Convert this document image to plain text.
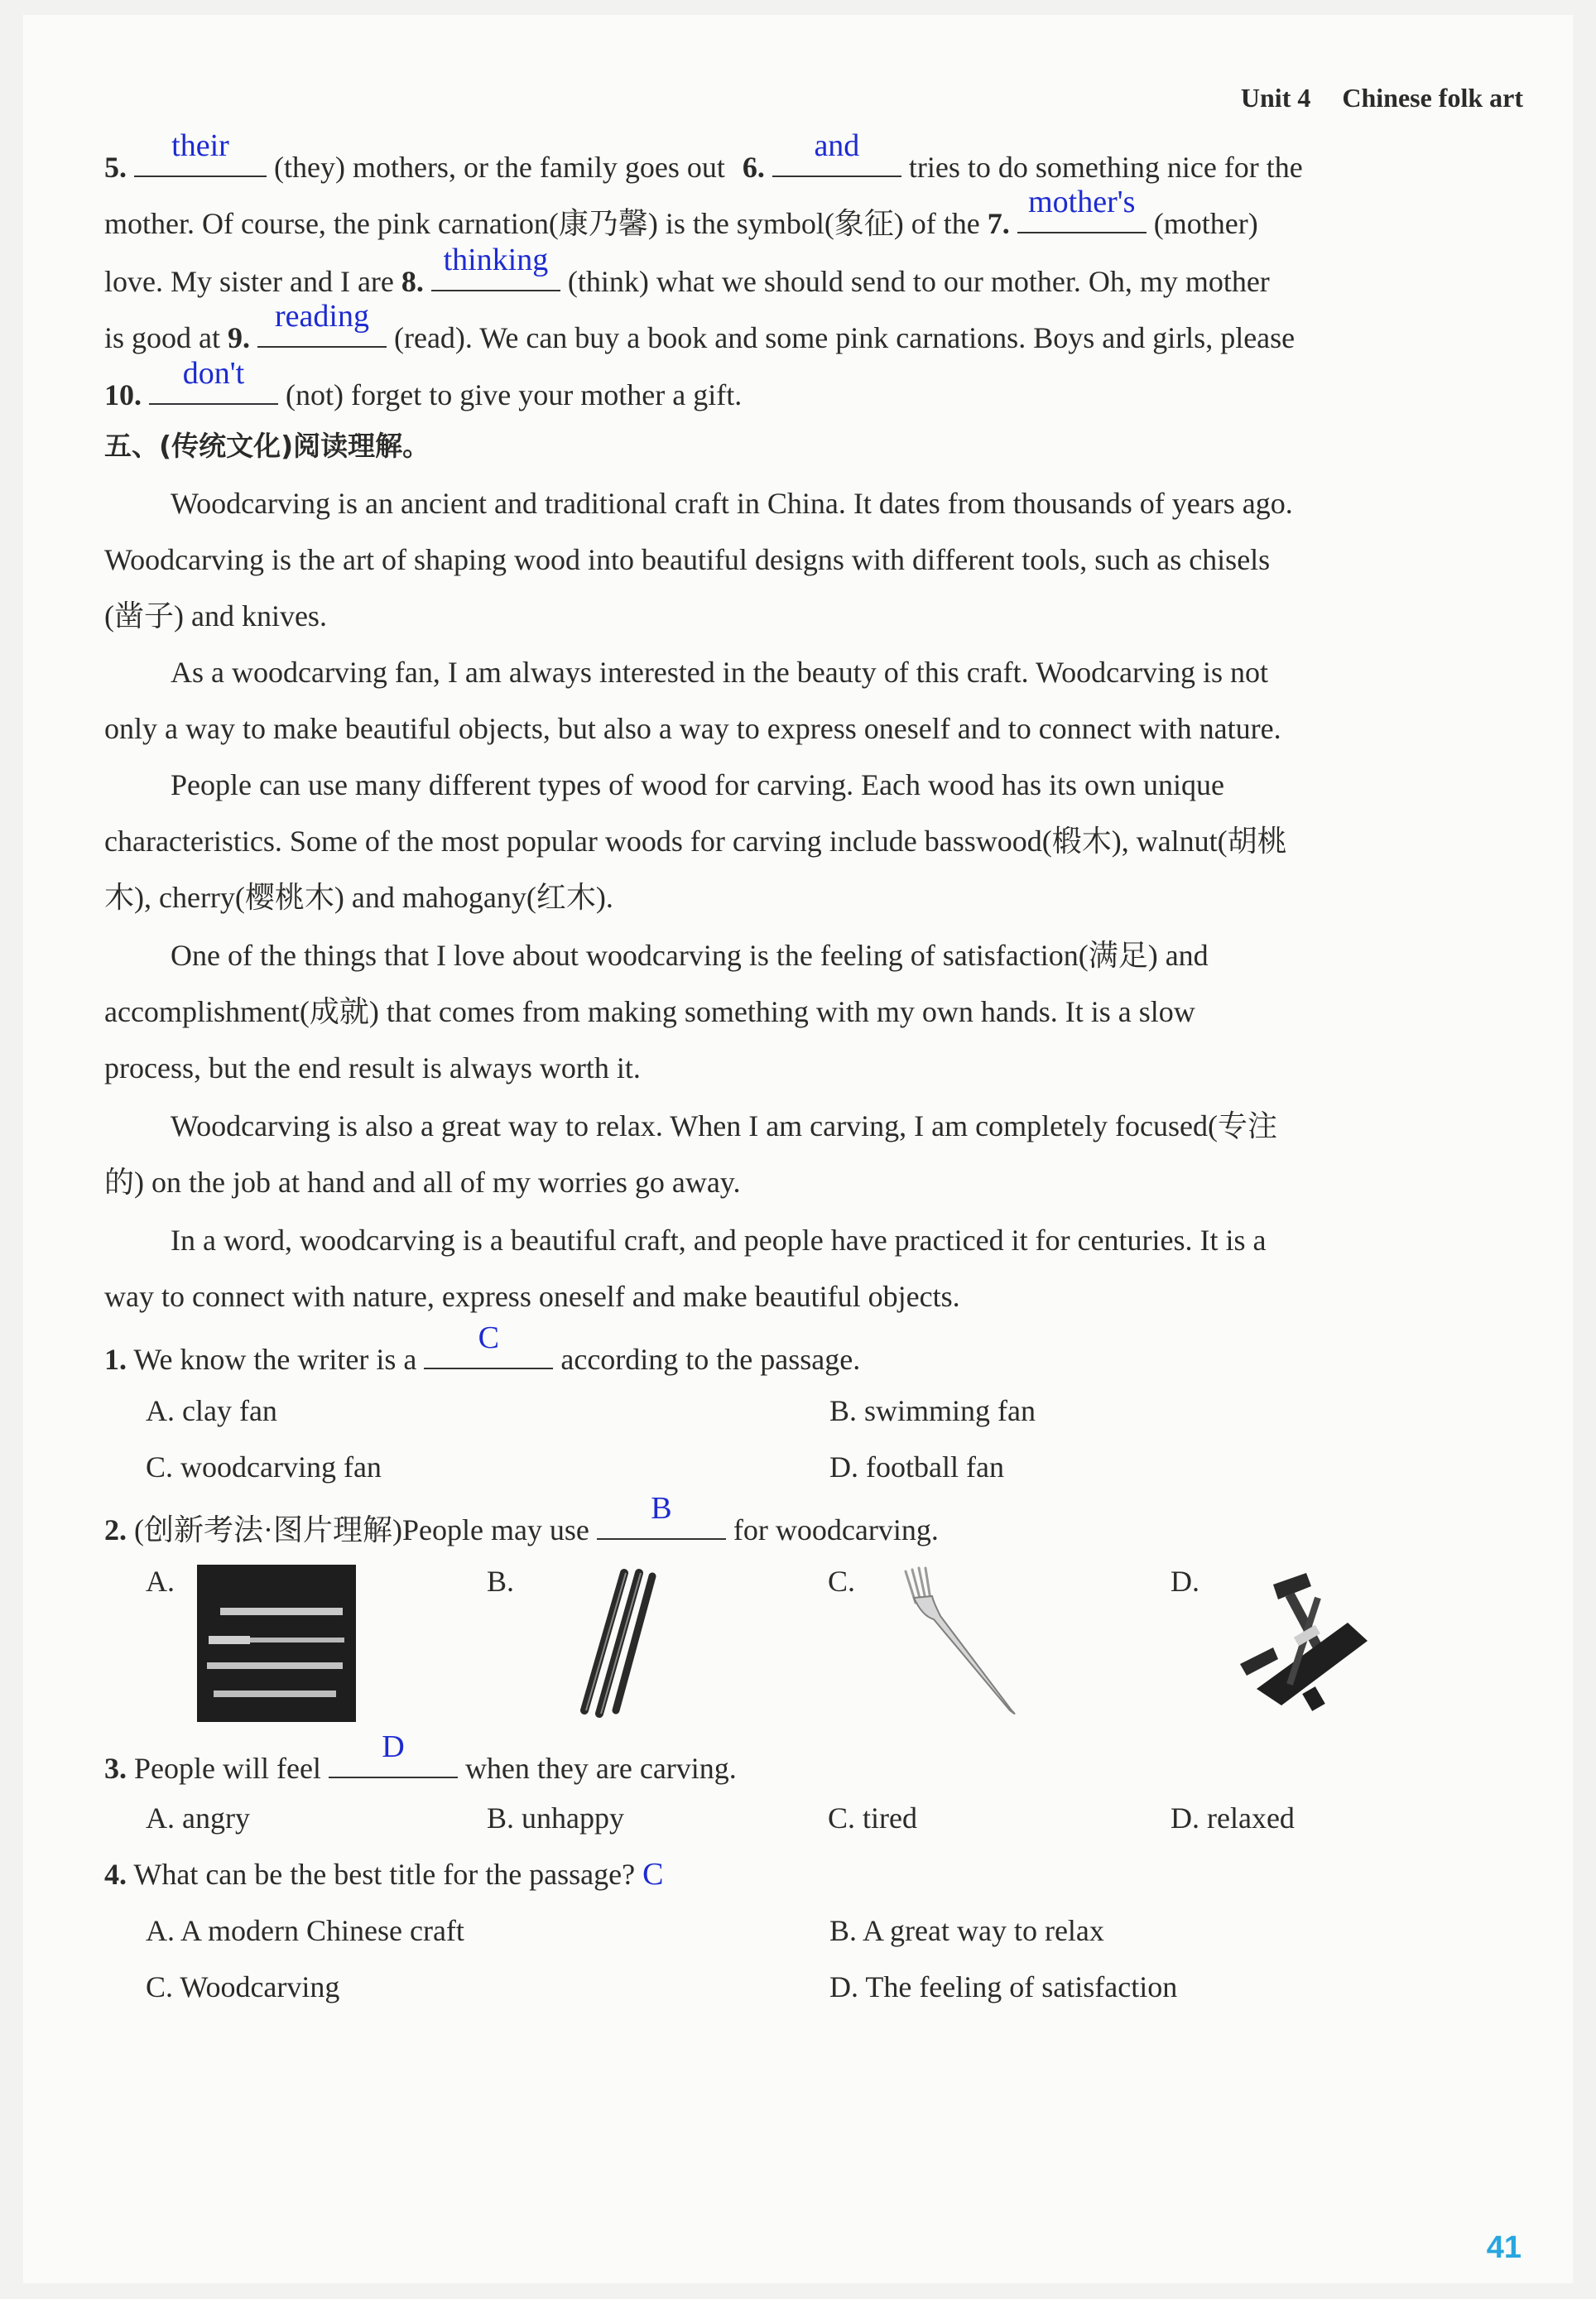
Unit 4 Chinese folk art
5.
their
(they) mothers, or the family goes out 6.
and
tries to do something nice for the
mother. Of course, the pink carnation(康乃馨) is the symbol(象征) of the 7.
mother's
(mother)
love. My sister and I are 8.
thinking
(think) what we should send to our mother. Oh, my mother
is good at 9.
reading
(read). We can buy a book and some pink carnations. Boys and girls, please
10.
don't
(not) forget to give your mother a gift.
五、(传统文化)阅读理解。
Woodcarving is an ancient and traditional craft in China. It dates from thousands of years ago.
Woodcarving is the art of shaping wood into beautiful designs with different tools, such as chisels
(凿子) and knives.
As a woodcarving fan, I am always interested in the beauty of this craft. Woodcarving is not
only a way to make beautiful objects, but also a way to express oneself and to connect with nature.
People can use many different types of wood for carving. Each wood has its own unique
characteristics. Some of the most popular woods for carving include basswood(椴木), walnut(胡桃
木), cherry(樱桃木) and mahogany(红木).
One of the things that I love about woodcarving is the feeling of satisfaction(满足) and
accomplishment(成就) that comes from making something with my own hands. It is a slow
process, but the end result is always worth it.
Woodcarving is also a great way to relax. When I am carving, I am completely focused(专注
的) on the job at hand and all of my worries go away.
In a word, woodcarving is a beautiful craft, and people have practiced it for centuries. It is a
way to connect with nature, express oneself and make beautiful objects.
1. We know the writer is a
C
according to the passage.
A. clay fan	B. swimming fan
C. woodcarving fan	D. football fan
2. (创新考法·图片理解)People may use
B
for woodcarving.
A.	B.	C.	D.
3. People will feel
D
when they are carving.
A. angry	B. unhappy	C. tired	D. relaxed
4. What can be the best title for the passage? C
A. A modern Chinese craft	B. A great way to relax
C. Woodcarving	D. The feeling of satisfaction
41
